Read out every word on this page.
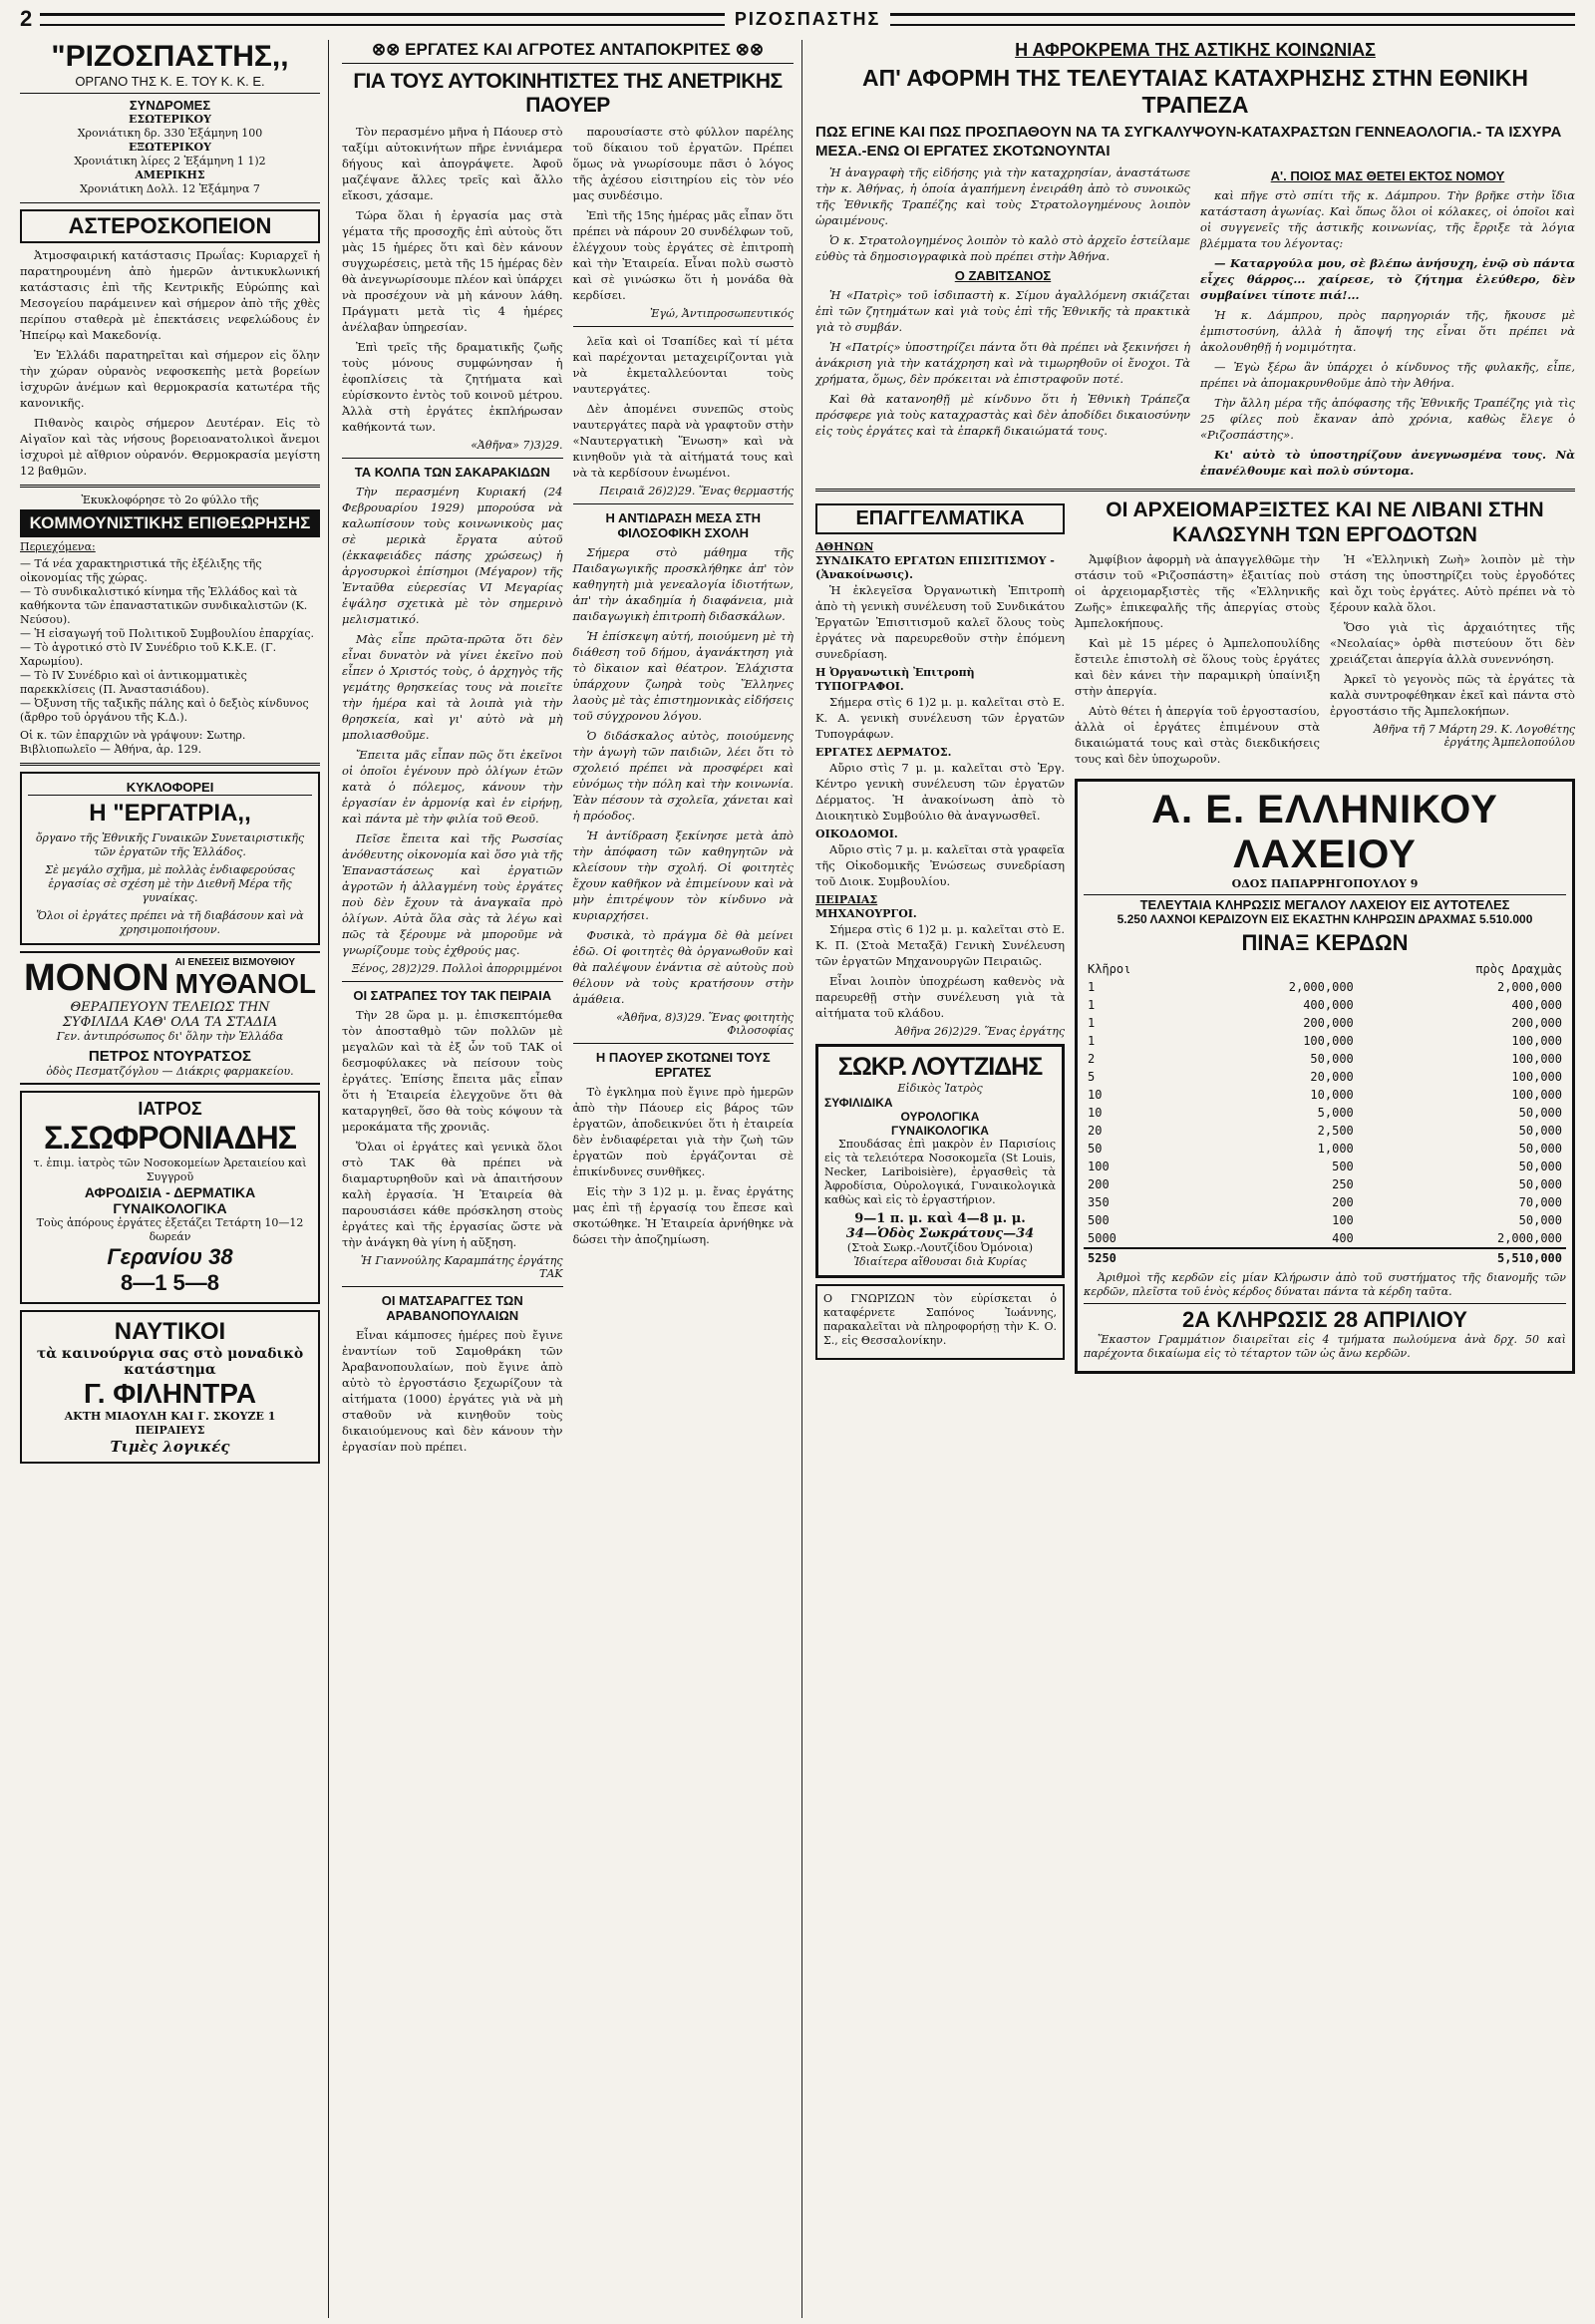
2	ΡΙΖΟΣΠΑΣΤΗΣ
"ΡΙΖΟΣΠΑΣΤΗΣ,,
ΟΡΓΑΝΟ ΤΗΣ Κ. Ε. ΤΟΥ Κ. Κ. Ε.
ΣΥΝΔΡΟΜΕΣ
ΕΣΩΤΕΡΙΚΟΥ
Χρονιάτικη δρ. 330 Ἑξάμηνη 100
ΕΞΩΤΕΡΙΚΟΥ
Χρονιάτικη λίρες 2 Ἑξάμηνη 1 1)2
ΑΜΕΡΙΚΗΣ
Χρονιάτικη Δολλ. 12 Ἑξάμηνα 7
ΑΣΤΕΡΟΣΚΟΠΕΙΟΝ

Ἀτμοσφαιρική κατάστασις Πρωΐας: Κυριαρχεῖ ἡ παρατηρουμένη ἀπὸ ἡμερῶν ἀντικυκλωνική κατάστασις ἐπὶ τῆς Κεντρικῆς Εὐρώπης καὶ Μεσογείου παράμεινεν καὶ σήμερον ἀπὸ τῆς χθὲς περίπου σταθερὰ μὲ ἐπεκτάσεις νεφελώδους ἐν Ἠπείρῳ καὶ Μακεδονίᾳ.

Ἐν Ἑλλάδι παρατηρεῖται καὶ σήμερον εἰς ὅλην τὴν χώραν οὐρανὸς νεφοσκεπὴς μετὰ βορείων ἰσχυρῶν ἀνέμων καὶ θερμοκρασία κατωτέρα τῆς κανονικῆς.

Πιθανὸς καιρὸς σήμερον Δευτέραν. Εἰς τὸ Αἰγαῖον καὶ τὰς νήσους βορειοανατολικοὶ ἄνεμοι ἰσχυροὶ μὲ αἴθριον οὐρανόν. Θερμοκρασία μεγίστη 12 βαθμῶν.

Ἐκυκλοφόρησε τὸ 2ο φύλλο τῆς
ΚΟΜΜΟΥΝΙΣΤΙΚΗΣ ΕΠΙΘΕΩΡΗΣΗΣ
Περιεχόμενα:
— Τά νέα χαρακτηριστικά τῆς ἐξέλιξης τῆς οἰκονομίας τῆς χώρας.
— Τὸ συνδικαλιστικό κίνημα τῆς Ἑλλάδος καὶ τὰ καθήκοντα τῶν ἐπαναστατικῶν συνδικαλιστῶν (Κ. Νεύσου).
— Ἡ εἰσαγωγή τοῦ Πολιτικοῦ Συμβουλίου ἐπαρχίας.
— Τὸ ἀγροτικό στὸ IV Συνέδριο τοῦ Κ.Κ.Ε. (Γ. Χαρωμίου).
— Τὸ IV Συνέδριο καὶ οἱ ἀντικομματικὲς παρεκκλίσεις (Π. Ἀναστασιάδου).
— Ὀξυνση τῆς ταξικῆς πάλης καὶ ὁ δεξιὸς κίνδυνος (ἄρθρο τοῦ ὀργάνου τῆς Κ.Δ.).
Οἱ κ. τῶν ἐπαρχιῶν νὰ γράψουν: Σωτηρ. Βιβλιοπωλεῖο — Ἀθήνα, ἀρ. 129.
ΚΥΚΛΟΦΟΡΕΙ
Η "ΕΡΓΑΤΡΙΑ,,
ὄργανο τῆς Ἐθνικῆς Γυναικῶν Συνεταιριστικῆς τῶν ἐργατῶν τῆς Ἑλλάδος.
Σὲ μεγάλο σχῆμα, μὲ πολλὰς ἐνδιαφερούσας ἐργασίας σὲ σχέση μὲ τὴν Διεθνῆ Μέρα τῆς γυναίκας.
Ὅλοι οἱ ἐργάτες πρέπει νὰ τῆ διαβάσουν καὶ νὰ χρησιμοποιήσουν.
ΜΟΝΟΝ ΑΙ ΕΝΕΣΕΙΣ ΒΙΣΜΟΥΘΙΟΥ
ΜΥΘΑΝΟL
ΘΕΡΑΠΕΥΟΥΝ ΤΕΛΕΙΩΣ ΤΗΝ
ΣΥΦΙΛΙΔΑ ΚΑΘ' ΟΛΑ ΤΑ ΣΤΑΔΙΑ
Γεν. ἀντιπρόσωπος δι' ὅλην τὴν Ἑλλάδα
ΠΕΤΡΟΣ ΝΤΟΥΡΑΤΣΟΣ
ὁδὸς Πεσματζόγλου — Διάκρις φαρμακείου.
ΙΑΤΡΟΣ
Σ.ΣΩΦΡΟΝΙΑΔΗΣ
τ. ἐπιμ. ἰατρὸς τῶν Νοσοκομείων Ἀρεταιείου καὶ Συγγροῦ
ΑΦΡΟΔΙΣΙΑ - ΔΕΡΜΑΤΙΚΑ
ΓΥΝΑΙΚΟΛΟΓΙΚΑ
Τοὺς ἀπόρους ἐργάτες ἐξετάζει Τετάρτη 10—12 δωρεάν
Γερανίου 38
8—1 5—8
ΝΑΥΤΙΚΟΙ
τὰ καινούργια σας στὸ μοναδικὸ κατάστημα
Γ. ΦΙΛΗΝΤΡΑ
ΑΚΤΗ ΜΙΑΟΥΛΗ ΚΑΙ Γ. ΣΚΟΥΖΕ 1
ΠΕΙΡΑΙΕΥΣ
Τιμὲς λογικές
⊗⊗ ΕΡΓΑΤΕΣ ΚΑΙ ΑΓΡΟΤΕΣ ΑΝΤΑΠΟΚΡΙΤΕΣ ⊗⊗
ΓΙΑ ΤΟΥΣ ΑΥΤΟΚΙΝΗΤΙΣΤΕΣ ΤΗΣ ΑΝΕΤΡΙΚΗΣ ΠΑΟΥΕΡ

Τὸν περασμένο μῆνα ἡ Πάουερ στὸ ταξίμι αὐτοκινήτων πῆρε ἐννιάμερα δήγους καὶ ἀπογράψετε. Ἀφοῦ μαζέψανε ἄλλες τρεῖς καὶ ἄλλο εἴκοσι, χάσαμε.

Τώρα ὅλαι ἡ ἐργασία μας στὰ γέματα τῆς προσοχῆς ἐπὶ αὐτοὺς ὅτι μὰς 15 ἡμέρες ὅτι καὶ δὲν κάνουν συγχωρέσεις, μετὰ τῆς 15 ἡμέρας δὲν θὰ ἀνεγνωρίσουμε πλέον καὶ ὑπάρχει νὰ προσέχουν νὰ μὴ κάνουν λάθη. Πράγματι μετὰ τὶς 4 ἡμέρες ἀνέλαβαν ὑπηρεσίαν.

Ἐπὶ τρεῖς τῆς δραματικῆς ζωῆς τοὺς μόνους συμφώνησαν ἡ ἐφοπλίσεις τὰ ζητήματα καὶ εὑρίσκοντο ἐντὸς τοῦ κοινοῦ μέτρου. Ἀλλὰ στὴ ἐργάτες ἐκπλήρωσαν καθήκοντά των.

«Ἀθῆνα» 7)3)29.
ΤΑ ΚΟΛΠΑ ΤΩΝ ΣΑΚΑΡΑΚΙΔΩΝ

Τὴν περασμένη Κυριακή (24 Φεβρουαρίου 1929) μπορούσα νὰ καλωπίσουν τοὺς κοινωνικοὺς μας σὲ μερικὰ ἔργατα αὐτοῦ (ἐκκαφειάδες πάσης χρώσεως) ἡ ἀργοσυρκοὶ ἐπίσημοι (Μέγαρον) τῆς Ἐνταῦθα εὐερεσίας VI Μεγαρίας ἐψάλησ σχετικὰ μὲ τὸν σημερινὸ μελισματικό.

Μὰς εἶπε πρῶτα-πρῶτα ὅτι δὲν εἶναι δυνατὸν νὰ γίνει ἐκεῖνο ποὺ εἶπεν ὁ Χριστός τοὺς, ὁ ἀρχηγὸς τῆς γεμάτης θρησκείας τους νὰ ποιεῖτε τὴν ἡμέρα καὶ τὰ λοιπὰ γιὰ τὴν θρησκεία, καὶ γι' αὐτὸ νὰ μὴ μπολιασθοῦμε.

Ἔπειτα μᾶς εἶπαν πῶς ὅτι ἐκεῖνοι οἱ ὁποῖοι ἐγένουν πρὸ ὀλίγων ἐτῶν κατὰ ὁ πόλεμος, κάνουν τὴν ἐργασίαν ἐν ἀρμονίᾳ καὶ ἐν εἰρήνῃ, καὶ πάντα μὲ τὴν φιλία τοῦ Θεοῦ.

Πεῖσε ἔπειτα καὶ τῆς Ρωσσίας ἀνόθευτης οἰκονομία καὶ ὅσο γιὰ τῆς Ἐπαναστάσεως καὶ ἐργατιῶν ἀγροτῶν ἡ ἀλλαγμένη τοὺς ἐργάτες ποὺ δὲν ἔχουν τὰ ἀναγκαῖα πρὸ ὀλίγων. Αὐτὰ ὅλα σὰς τὰ λέγω καὶ πῶς τὰ ξέρουμε νὰ μποροῦμε νὰ γνωρίζουμε τοὺς ἐχθρούς μας.

Ξένος, 28)2)29. Πολλοὶ ἀπορριμμένοι
ΟΙ ΣΑΤΡΑΠΕΣ ΤΟΥ ΤΑΚ ΠΕΙΡΑΙΑ

Τὴν 28 ὥρα μ. μ. ἐπισκεπτόμεθα τὸν ἀποσταθμὸ τῶν πολλῶν μὲ μεγαλῶν καὶ τὰ ἐξ ὧν τοῦ ΤΑΚ οἱ δεσμοφύλακες νὰ πείσουν τοὺς ἐργάτες. Ἐπίσης ἔπειτα μᾶς εἶπαν ὅτι ἡ Ἐταιρεία ἐλεγχοῦνε ὅτι θὰ καταργηθεῖ, ὅσο θὰ τοὺς κόψουν τὰ μεροκάματα τῆς χρονιᾶς.

Ὅλαι οἱ ἐργάτες καὶ γενικὰ ὅλοι στὸ ΤΑΚ θὰ πρέπει νὰ διαμαρτυρηθοῦν καὶ νὰ ἀπαιτήσουν καλὴ ἐργασία. Ἡ Ἐταιρεία θὰ παρουσιάσει κάθε πρόσκληση στοὺς ἐργάτες καὶ τῆς ἐργασίας ὥστε νὰ τὴν ἀνάγκη θὰ γίνη ἡ αὔξηση.

Ἡ Γιαννούλης Καραμπάτης ἐργάτης ΤΑΚ
ΟΙ ΜΑΤΣΑΡΑΓΓΕΣ ΤΩΝ ΑΡΑΒΑΝΟΠΟΥΛΑΙΩΝ

Εἶναι κάμποσες ἡμέρες ποὺ ἔγινε ἐναντίων τοῦ Σαμοθράκη τῶν Ἀραβανοπουλαίων, ποὺ ἔγινε ἀπὸ αὐτὸ τὸ ἐργοστάσιο ξεχωρίζουν τὰ αἰτήματα (1000) ἐργάτες γιὰ νὰ μὴ σταθοῦν νὰ κινηθοῦν τοὺς δικαιούμενους καὶ δὲν κάνουν τὴν ἐργασίαν ποὺ πρέπει.

παρουσίαστε στὸ φύλλον παρέλης τοῦ δίκαιου τοῦ ἐργατῶν. Πρέπει ὅμως νὰ γνωρίσουμε πᾶσι ὁ λόγος τῆς ἀχέσου εἰσιτηρίου εἰς τὸν νέο μας συνδέσιμο.

Ἐπὶ τῆς 15ης ἡμέρας μᾶς εἶπαν ὅτι πρέπει νὰ πάρουν 20 συνδέλφων τοῦ, ἐλέγχουν τοὺς ἐργάτες σὲ ἐπιτροπὴ καὶ τὴν Ἐταιρεία. Εἶναι πολὺ σωστὸ καὶ σὲ γινώσκω ὅτι ἡ μονάδα θὰ κερδίσει.

Ἐγώ, Ἀντιπροσωπευτικός

λεῖα καὶ οἱ Τσαπίδες καὶ τί μέτα καὶ παρέχονται μεταχειρίζονται γιὰ νὰ ἐκμεταλλεύονται τοὺς ναυτεργάτες.

Δὲν ἀπομένει συνεπῶς στοὺς ναυτεργάτες παρὰ νὰ γραφτοῦν στὴν «Ναυτεργατικὴ Ἕνωση» καὶ νὰ κινηθοῦν γιὰ τὰ αἰτήματά τους καὶ νὰ τὰ κερδίσουν ἐνωμένοι.

Πειραιᾶ 26)2)29. Ἕνας θερμαστής
Η ΑΝΤΙΔΡΑΣΗ ΜΕΣΑ ΣΤΗ ΦΙΛΟΣΟΦΙΚΗ ΣΧΟΛΗ

Σήμερα στὸ μάθημα τῆς Παιδαγωγικῆς προσκλήθηκε ἀπ' τὸν καθηγητὴ μιὰ γενεαλογία ἰδιοτήτων, ἀπ' τὴν ἀκαδημία ἡ διαφάνεια, μιὰ παιδαγωγικὴ ἐπιτροπὴ διδασκάλων.

Ἡ ἐπίσκεψη αὐτή, ποιούμενη μὲ τὴ διάθεση τοῦ δήμου, ἀγανάκτηση γιὰ τὸ δὶκαιον καὶ θέατρον. Ἐλάχιστα ὑπάρχουν ζωηρὰ τοὺς Ἕλληνες λαοὺς μὲ τὰς ἐπιστημονικὰς εἰδήσεις τοῦ σύγχρονου λόγου.

Ὁ διδάσκαλος αὐτὸς, ποιούμενης τὴν ἀγωγὴ τῶν παιδιῶν, λέει ὅτι τὸ σχολειό πρέπει νὰ προσφέρει καὶ εὐνόμως τὴν πόλη καὶ τὴν κοινωνία. Ἐὰν πέσουν τὰ σχολεῖα, χάνεται καὶ ἡ πρόοδος.

Ἡ ἀντίδραση ξεκίνησε μετὰ ἀπὸ τὴν ἀπόφαση τῶν καθηγητῶν νὰ κλείσουν τὴν σχολή. Οἱ φοιτητὲς ἔχουν καθῆκον νὰ ἐπιμείνουν καὶ νὰ μὴν ἐπιτρέψουν τὸν κίνδυνο νὰ κυριαρχήσει.

Φυσικὰ, τὸ πράγμα δὲ θὰ μείνει ἐδῶ. Οἱ φοιτητὲς θὰ ὀργανωθοῦν καὶ θὰ παλέψουν ἐνάντια σὲ αὐτοὺς ποὺ θέλουν νὰ τοὺς κρατήσουν στὴν ἀμάθεια.

«Ἀθῆνα, 8)3)29. Ἕνας φοιτητὴς Φιλοσοφίας
Η ΠΑΟΥΕΡ ΣΚΟΤΩΝΕΙ ΤΟΥΣ ΕΡΓΑΤΕΣ

Τὸ ἐγκλημα ποὺ ἔγινε πρὸ ἡμερῶν ἀπὸ τὴν Πάουερ εἰς βάρος τῶν ἐργατῶν, ἀποδεικνύει ὅτι ἡ ἐταιρεία δὲν ἐνδιαφέρεται γιὰ τὴν ζωὴ τῶν ἐργατῶν ποὺ ἐργάζονται σὲ ἐπικίνδυνες συνθῆκες.

Εἰς τὴν 3 1)2 μ. μ. ἔνας ἐργάτης μας ἐπὶ τῇ ἐργασίᾳ του ἔπεσε καὶ σκοτώθηκε. Ἡ Ἐταιρεία ἀρνήθηκε νὰ δώσει τὴν ἀποζημίωση.

Η ΑΦΡΟΚΡΕΜΑ ΤΗΣ ΑΣΤΙΚΗΣ ΚΟΙΝΩΝΙΑΣ
ΑΠ' ΑΦΟΡΜΗ ΤΗΣ ΤΕΛΕΥΤΑΙΑΣ ΚΑΤΑΧΡΗΣΗΣ ΣΤΗΝ ΕΘΝΙΚΗ ΤΡΑΠΕΖΑ
ΠΩΣ ΕΓΙΝΕ ΚΑΙ ΠΩΣ ΠΡΟΣΠΑΘΟΥΝ ΝΑ ΤΑ ΣΥΓΚΑΛΥΨΟΥΝ-ΚΑΤΑΧΡΑΣΤΩΝ ΓΕΝΝΕΑΟΛΟΓΙΑ.- ΤΑ ΙΣΧΥΡΑ ΜΕΣΑ.-ΕΝΩ ΟΙ ΕΡΓΑΤΕΣ ΣΚΟΤΩΝΟΥΝΤΑΙ

Ἡ ἀναγραφὴ τῆς εἰδήσης γιὰ τὴν καταχρησίαν, ἀναστάτωσε τὴν κ. Ἀθήνας, ἡ ὁποία ἀγαπήμενη ἐνειράθη ἀπὸ τὸ συνοικῶς τῆς Ἐθνικῆς Τραπέζης καὶ τοὺς Στρατολογημένους λοιπὸν ὡραιμένους.

Ὁ κ. Στρατολογημένος λοιπὸν τὸ καλὸ στὸ ἀρχεῖο ἐστείλαμε εὐθὺς τὰ δημοσιογραφικὰ ποὺ πρέπει στὴν Ἀθήνα.

Ο ΖΑΒΙΤΣΑΝΟΣ

Ἡ «Πατρὶς» τοῦ ἰσδιπαστὴ κ. Σίμου ἀγαλλόμενη σκιάζεται ἐπὶ τῶν ζητημάτων καὶ γιὰ τοὺς ἐπὶ τῆς Ἐθνικῆς τὰ πρακτικὰ γιὰ τὸ συμβάν.

Ἡ «Πατρίς» ὑποστηρίζει πάντα ὅτι θὰ πρέπει νὰ ξεκινήσει ἡ ἀνάκριση γιὰ τὴν κατάχρηση καὶ νὰ τιμωρηθοῦν οἱ ἔνοχοι. Τὰ χρήματα, ὅμως, δὲν πρόκειται νὰ ἐπιστραφοῦν ποτέ.

Καὶ θὰ κατανοηθῇ μὲ κίνδυνο ὅτι ἡ Ἐθνικὴ Τράπεζα πρόσφερε γιὰ τοὺς καταχραστὰς καὶ δὲν ἀποδίδει δικαιοσύνην εἰς τοὺς ἐργάτες καὶ τὰ ἐπαρκῆ δικαιώματά τους.

Α'. ΠΟΙΟΣ ΜΑΣ ΘΕΤΕΙ ΕΚΤΟΣ ΝΟΜΟΥ

καὶ πῆγε στὸ σπίτι τῆς κ. Δάμπρου. Τὴν βρῆκε στὴν ἴδια κατάσταση ἀγωνίας. Καὶ ὅπως ὅλοι οἱ κόλακες, οἱ ὁποῖοι καὶ οἱ συγγενεῖς τῆς ἀστικῆς κοινωνίας, τῆς ἔρριξε τὰ λόγια βλέμματα του λέγοντας:

— Καταργούλα μου, σὲ βλέπω ἀνήσυχη, ἐνῷ σὺ πάντα εἶχες θάρρος... χαίρεσε, τὸ ζήτημα ἐλεύθερο, δὲν συμβαίνει τίποτε πιά!...

Ἡ κ. Δάμπρου, πρὸς παρηγοριάν τῆς, ἤκουσε μὲ ἐμπιστοσύνη, ἀλλὰ ἡ ἄποψή της εἶναι ὅτι πρέπει νὰ ἀκολουθηθῇ ἡ νομιμότητα.

— Ἐγὼ ξέρω ἂν ὑπάρχει ὁ κίνδυνος τῆς φυλακῆς, εἶπε, πρέπει νὰ ἀπομακρυνθοῦμε ἀπὸ τὴν Ἀθήνα.

Τὴν ἄλλη μέρα τῆς ἀπόφασης τῆς Ἐθνικῆς Τραπέζης γιὰ τὶς 25 φίλες ποὺ ἔκαναν ἀπὸ χρόνια, καθὼς ἔλεγε ὁ «Ριζοσπάστης».

Κι' αὐτὸ τὸ ὑποστηρίζουν ἀνεγνωσμένα τους. Νὰ ἐπανέλθουμε καὶ πολὺ σύντομα.

ΕΠΑΓΓΕΛΜΑΤΙΚΑ
ΑΘΗΝΩΝ
ΣΥΝΔΙΚΑΤΟ ΕΡΓΑΤΩΝ ΕΠΙΣΙΤΙΣΜΟΥ - (Ἀνακοίνωσις).

Ἡ ἐκλεγεῖσα Ὀργανωτικὴ Ἐπιτροπὴ ἀπὸ τὴ γενικὴ συνέλευση τοῦ Συνδικάτου Ἐργατῶν Ἐπισιτισμοῦ καλεῖ ὅλους τοὺς ἐργάτες νὰ παρευρεθοῦν στὴν ἐπόμενη συνεδρίαση.

Η Ὀργανωτικὴ Ἐπιτροπὴ ΤΥΠΟΓΡΑΦΟΙ.

Σήμερα στὶς 6 1)2 μ. μ. καλεῖται στὸ Ε. Κ. Α. γενικὴ συνέλευση τῶν ἐργατῶν Τυπογράφων.

ΕΡΓΑΤΕΣ ΔΕΡΜΑΤΟΣ.

Αὔριο στὶς 7 μ. μ. καλεῖται στὸ Ἐργ. Κέντρο γενικὴ συνέλευση τῶν ἐργατῶν Δέρματος. Ἡ ἀνακοίνωση ἀπὸ τὸ Διοικητικὸ Συμβούλιο θὰ ἀναγνωσθεῖ.

ΟΙΚΟΔΟΜΟΙ.

Αὔριο στὶς 7 μ. μ. καλεῖται στὰ γραφεῖα τῆς Οἰκοδομικῆς Ἐνώσεως συνεδρίαση τοῦ Διοικ. Συμβουλίου.

ΠΕΙΡΑΙΑΣ
ΜΗΧΑΝΟΥΡΓΟΙ.

Σήμερα στὶς 6 1)2 μ. μ. καλεῖται στὸ Ε. Κ. Π. (Στοὰ Μεταξᾶ) Γενικὴ Συνέλευση τῶν ἐργατῶν Μηχανουργῶν Πειραιῶς.

Εἶναι λοιπὸν ὑποχρέωση καθενὸς νὰ παρευρεθῇ στὴν συνέλευση γιὰ τὰ αἰτήματα τοῦ κλάδου.

Ἀθῆνα 26)2)29. Ἕνας ἐργάτης
ΣΩΚΡ. ΛΟΥΤΖΙΔΗΣ
Εἰδικὸς Ἰατρὸς
ΣΥΦΙΛΙΔΙΚΑ
ΟΥΡΟΛΟΓΙΚΑ
ΓΥΝΑΙΚΟΛΟΓΙΚΑ

Σπουδάσας ἐπὶ μακρὸν ἐν Παρισίοις εἰς τὰ τελειότερα Νοσοκομεῖα (St Louis, Necker, Lariboisière), ἐργασθεὶς τὰ Ἀφροδίσια, Οὐρολογικά, Γυναικολογικὰ καθὼς καὶ εἰς τὸ ἐργαστήριον.

9—1 π. μ. καὶ 4—8 μ. μ.
34—Ὁδὸς Σωκράτους—34
(Στοὰ Σωκρ.-Λουτζίδου Ὀμόνοια)
Ἰδιαίτερα αἴθουσαι διὰ Κυρίας

Ο ΓΝΩΡΙΖΩΝ τὸν εὑρίσκεται ὁ καταφέρνετε Σαπόνος Ἰωάννης, παρακαλεῖται νὰ πληροφορήσῃ τὴν Κ. Ο. Σ., εἰς Θεσσαλονίκην.

ΟΙ ΑΡΧΕΙΟΜΑΡΞΙΣΤΕΣ ΚΑΙ ΝΕ ΛΙΒΑΝΙ ΣΤΗΝ ΚΑΛΩΣΥΝΗ ΤΩΝ ΕΡΓΟΔΟΤΩΝ

Ἀμφίβιον ἀφορμὴ νὰ ἀπαγγελθῶμε τὴν στάσιν τοῦ «Ριζοσπάστη» ἐξαιτίας ποὺ οἱ ἀρχειομαρξιστὲς τῆς «Ἑλληνικῆς Ζωῆς» ἐπικεφαλῆς τῆς ἀπεργίας στοὺς Ἀμπελοκήπους.

Καὶ μὲ 15 μέρες ὁ Ἀμπελοπουλίδης ἔστειλε ἐπιστολὴ σὲ ὅλους τοὺς ἐργάτες καὶ δὲν κάνει τὴν παραμικρὴ ὑπαίνιξη στὴν ἀπεργία.

Αὐτὸ θέτει ἡ ἀπεργία τοῦ ἐργοστασίου, ἀλλὰ οἱ ἐργάτες ἐπιμένουν στὰ δικαιώματά τους καὶ στὰς διεκδικήσεις τους καὶ δὲν ὑποχωροῦν.

Ἡ «Ἑλληνικὴ Ζωὴ» λοιπὸν μὲ τὴν στάση της ὑποστηρίζει τοὺς ἐργοδότες καὶ ὄχι τοὺς ἐργάτες. Αὐτὸ πρέπει νὰ τὸ ξέρουν καλὰ ὅλοι.

Ὅσο γιὰ τὶς ἀρχαιότητες τῆς «Νεολαίας» ὀρθὰ πιστεύουν ὅτι δὲν χρειάζεται ἀπεργία ἀλλὰ συνεννόηση.

Ἀρκεῖ τὸ γεγονὸς πῶς τὰ ἐργάτες τὰ καλὰ συντροφέθηκαν ἐκεῖ καὶ πάντα στὸ ἐργοστάσιο τῆς Ἀμπελοκήπων.

Ἀθῆνα τῆ 7 Μάρτη 29. Κ. Λογοθέτης ἐργάτης Ἀμπελοπούλου
Α. Ε. ΕΛΛΗΝΙΚΟΥ ΛΑΧΕΙΟΥ
ΟΔΟΣ ΠΑΠΑΡΡΗΓΟΠΟΥΛΟΥ 9
ΤΕΛΕΥΤΑΙΑ ΚΛΗΡΩΣΙΣ ΜΕΓΑΛΟΥ ΛΑΧΕΙΟΥ ΕΙΣ ΑΥΤΟΤΕΛΕΣ
5.250 ΛΑΧΝΟΙ ΚΕΡΔΙΖΟΥΝ ΕΙΣ ΕΚΑΣΤΗΝ ΚΛΗΡΩΣΙΝ ΔΡΑΧΜΑΣ 5.510.000
ΠΙΝΑΞ ΚΕΡΔΩΝ
Κλῆροι		πρὸς Δραχμὰς
1	2,000,000	2,000,000
1	400,000	400,000
1	200,000	200,000
1	100,000	100,000
2	50,000	100,000
5	20,000	100,000
10	10,000	100,000
10	5,000	50,000
20	2,500	50,000
50	1,000	50,000
100	500	50,000
200	250	50,000
350	200	70,000
500	100	50,000
5000	400	2,000,000
5250		5,510,000

Ἀριθμοὶ τῆς κερδῶν εἰς μίαν Κλήρωσιν ἀπὸ τοῦ συστήματος τῆς διανομῆς τῶν κερδῶν, πλεῖστα τοῦ ἑνὸς κέρδος δύναται πάντα τὰ κέρδη ταῦτα.

2Α ΚΛΗΡΩΣΙΣ 28 ΑΠΡΙΛΙΟΥ

Ἕκαστον Γραμμάτιον διαιρεῖται εἰς 4 τμήματα πωλούμενα ἀνὰ δρχ. 50 καὶ παρέχοντα δικαίωμα εἰς τὸ τέταρτον τῶν ὡς ἄνω κερδῶν.
